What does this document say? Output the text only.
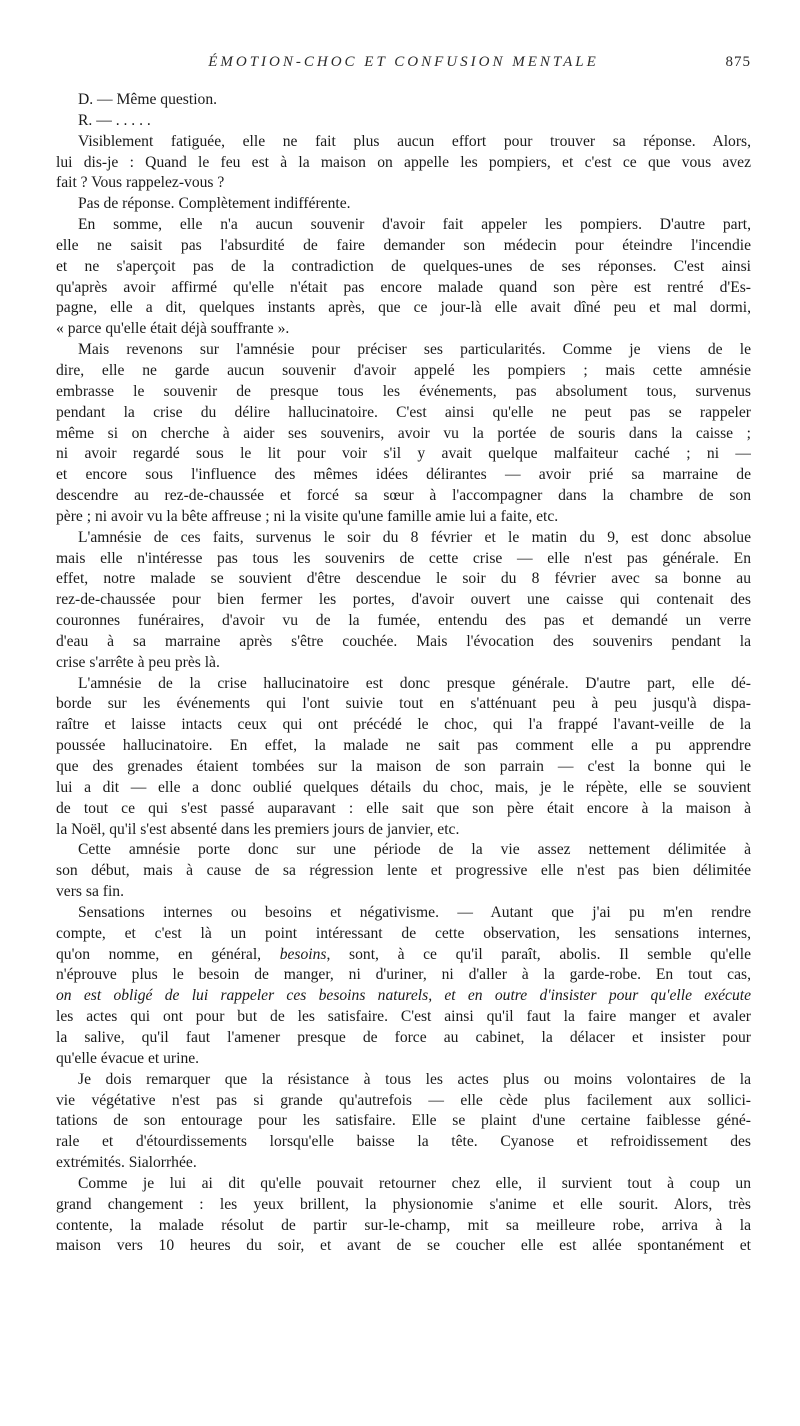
ÉMOTION-CHOC ET CONFUSION MENTALE	875
D. — Même question.
R. — . . . . .
Visiblement fatiguée, elle ne fait plus aucun effort pour trouver sa réponse. Alors,
lui dis-je : Quand le feu est à la maison on appelle les pompiers, et c'est ce que vous avez
fait ? Vous rappelez-vous ?
Pas de réponse. Complètement indifférente.
En somme, elle n'a aucun souvenir d'avoir fait appeler les pompiers. D'autre part,
elle ne saisit pas l'absurdité de faire demander son médecin pour éteindre l'incendie
et ne s'aperçoit pas de la contradiction de quelques-unes de ses réponses. C'est ainsi
qu'après avoir affirmé qu'elle n'était pas encore malade quand son père est rentré d'Es-
pagne, elle a dit, quelques instants après, que ce jour-là elle avait dîné peu et mal dormi,
« parce qu'elle était déjà souffrante ».
Mais revenons sur l'amnésie pour préciser ses particularités. Comme je viens de le
dire, elle ne garde aucun souvenir d'avoir appelé les pompiers ; mais cette amnésie
embrasse le souvenir de presque tous les événements, pas absolument tous, survenus
pendant la crise du délire hallucinatoire. C'est ainsi qu'elle ne peut pas se rappeler
même si on cherche à aider ses souvenirs, avoir vu la portée de souris dans la caisse ;
ni avoir regardé sous le lit pour voir s'il y avait quelque malfaiteur caché ; ni —
et encore sous l'influence des mêmes idées délirantes — avoir prié sa marraine de
descendre au rez-de-chaussée et forcé sa sœur à l'accompagner dans la chambre de son
père ; ni avoir vu la bête affreuse ; ni la visite qu'une famille amie lui a faite, etc.
L'amnésie de ces faits, survenus le soir du 8 février et le matin du 9, est donc absolue
mais elle n'intéresse pas tous les souvenirs de cette crise — elle n'est pas générale. En
effet, notre malade se souvient d'être descendue le soir du 8 février avec sa bonne au
rez-de-chaussée pour bien fermer les portes, d'avoir ouvert une caisse qui contenait des
couronnes funéraires, d'avoir vu de la fumée, entendu des pas et demandé un verre
d'eau à sa marraine après s'être couchée. Mais l'évocation des souvenirs pendant la
crise s'arrête à peu près là.
L'amnésie de la crise hallucinatoire est donc presque générale. D'autre part, elle dé-
borde sur les événements qui l'ont suivie tout en s'atténuant peu à peu jusqu'à dispa-
raître et laisse intacts ceux qui ont précédé le choc, qui l'a frappé l'avant-veille de la
poussée hallucinatoire. En effet, la malade ne sait pas comment elle a pu apprendre
que des grenades étaient tombées sur la maison de son parrain — c'est la bonne qui le
lui a dit — elle a donc oublié quelques détails du choc, mais, je le répète, elle se souvient
de tout ce qui s'est passé auparavant : elle sait que son père était encore à la maison à
la Noël, qu'il s'est absenté dans les premiers jours de janvier, etc.
Cette amnésie porte donc sur une période de la vie assez nettement délimitée à
son début, mais à cause de sa régression lente et progressive elle n'est pas bien délimitée
vers sa fin.
Sensations internes ou besoins et négativisme. — Autant que j'ai pu m'en rendre
compte, et c'est là un point intéressant de cette observation, les sensations internes,
qu'on nomme, en général, besoins, sont, à ce qu'il paraît, abolis. Il semble qu'elle
n'éprouve plus le besoin de manger, ni d'uriner, ni d'aller à la garde-robe. En tout cas,
on est obligé de lui rappeler ces besoins naturels, et en outre d'insister pour qu'elle exécute
les actes qui ont pour but de les satisfaire. C'est ainsi qu'il faut la faire manger et avaler
la salive, qu'il faut l'amener presque de force au cabinet, la délacer et insister pour
qu'elle évacue et urine.
Je dois remarquer que la résistance à tous les actes plus ou moins volontaires de la
vie végétative n'est pas si grande qu'autrefois — elle cède plus facilement aux sollici-
tations de son entourage pour les satisfaire. Elle se plaint d'une certaine faiblesse géné-
rale et d'étourdissements lorsqu'elle baisse la tête. Cyanose et refroidissement des
extrémités. Sialorrhée.
Comme je lui ai dit qu'elle pouvait retourner chez elle, il survient tout à coup un
grand changement : les yeux brillent, la physionomie s'anime et elle sourit. Alors, très
contente, la malade résolut de partir sur-le-champ, mit sa meilleure robe, arriva à la
maison vers 10 heures du soir, et avant de se coucher elle est allée spontanément et
